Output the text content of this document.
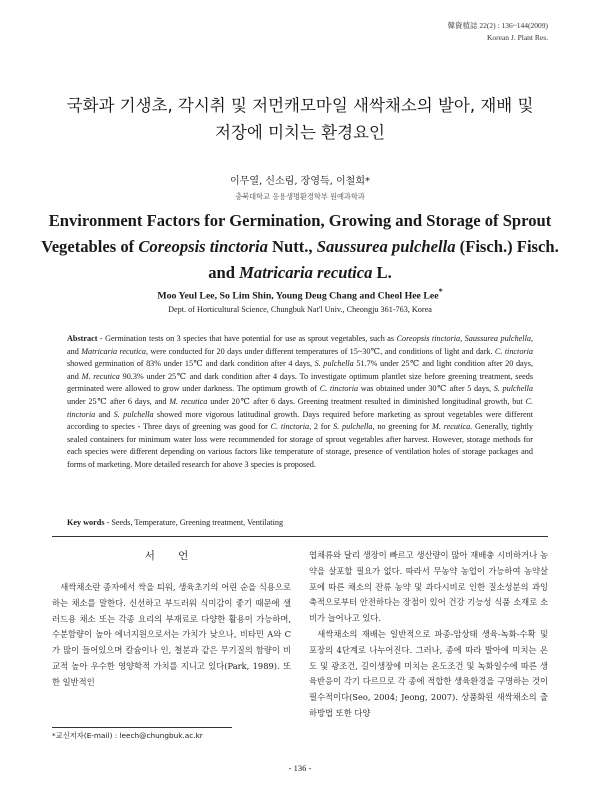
韓資植誌 22(2) : 136~144(2009)
Korean J. Plant Res.
국화과 기생초, 각시취 및 저먼캐모마일 새싹채소의 발아, 재배 및
저장에 미치는 환경요인
이무열, 신소림, 장영득, 이철희*
충북대학교 응용생명환경학부 원예과학과
Environment Factors for Germination, Growing and Storage of Sprout Vegetables of Coreopsis tinctoria Nutt., Saussurea pulchella (Fisch.) Fisch. and Matricaria recutica L.
Moo Yeul Lee, So Lim Shin, Young Deug Chang and Cheol Hee Lee*
Dept. of Horticultural Science, Chungbuk Nat'l Univ., Cheongju 361-763, Korea
Abstract - Germination tests on 3 species that have potential for use as sprout vegetables, such as Coreopsis tinctoria, Saussurea pulchella, and Matricaria recutica, were conducted for 20 days under different temperatures of 15~30℃, and conditions of light and dark. C. tinctoria showed germination of 83% under 15℃ and dark condition after 4 days, S. pulchella 51.7% under 25℃ and light condition after 20 days, and M. recutica 90.3% under 25℃ and dark condition after 4 days. To investigate optimum plantlet size before greening treatment, seeds germinated were allowed to grow under darkness. The optimum growth of C. tinctoria was obtained under 30℃ after 5 days, S. pulchella under 25℃ after 6 days, and M. recutica under 20℃ after 6 days. Greening treatment resulted in diminished longitudinal growth, but C. tinctoria and S. pulchella showed more vigorous latitudinal growth. Days required before marketing as sprout vegetables were different according to species - Three days of greening was good for C. tinctoria, 2 for S. pulchella, no greening for M. recutica. Generally, tightly sealed containers for minimum water loss were recommended for storage of sprout vegetables after harvest. However, storage methods for each species were different depending on various factors like temperature of storage, presence of ventilation holes of storage packages and forms of marketing. More detailed research for above 3 species is proposed.
Key words - Seeds, Temperature, Greening treatment, Ventilating
서 언

새싹채소란 종자에서 싹을 틔워, 생육초기의 어린 순을 식용으로 하는 채소를 말한다. 신선하고 부드러워 식미감이 좋기 때문에 샐러드용 채소 또는 각종 요리의 부재료로 다양한 활용이 가능하며, 수분함량이 높아 에너지원으로서는 가치가 낮으나, 비타민 A와 C가 많이 들어있으며 칼슘이나 인, 철분과 같은 무기질의 함량이 비교적 높아 우수한 영양학적 가치를 지니고 있다(Park, 1989). 또한 일반적인

엽채류와 달리 생장이 빠르고 생산량이 많아 재배충 시비하거나 농약을 살포할 필요가 없다. 따라서 무농약 농업이 가능하여 농약살포에 따른 채소의 잔류 농약 및 과다시비로 인한 질소성분의 과잉축적으로부터 안전하다는 장점이 있어 건강 기능성 식품 소재로 소비가 늘어나고 있다.

새싹채소의 재배는 일반적으로 파종-암상태 생육-녹화-수확 및 포장의 4단계로 나누어진다. 그러나, 종에 따라 발아에 미치는 온도 및 광조건, 길이생장에 미치는 온도조건 및 녹화일수에 따른 생육반응이 각기 다르므로 각 종에 적합한 생육환경을 구명하는 것이 필수적이다(Seo, 2004; Jeong, 2007). 상품화된 새싹채소의 출하방법 또한 다양

*교신저자(E-mail) : leech@chungbuk.ac.kr
- 136 -
